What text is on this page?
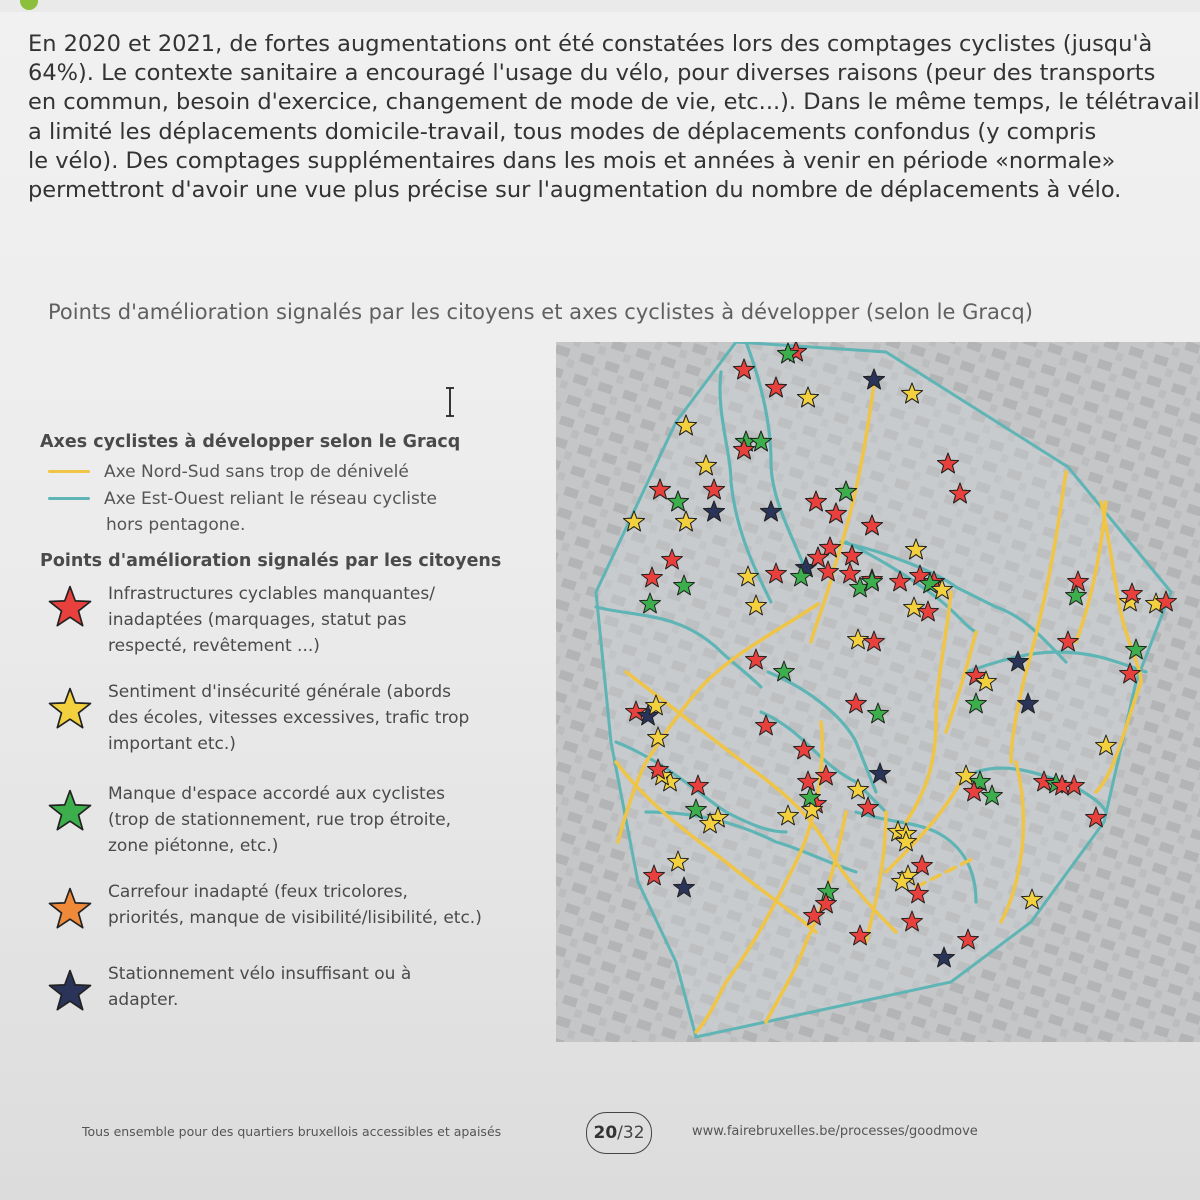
En 2020 et 2021, de fortes augmentations ont été constatées lors des comptages cyclistes (jusqu'à
64%). Le contexte sanitaire a encouragé l'usage du vélo, pour diverses raisons (peur des transports
en commun, besoin d'exercice, changement de mode de vie, etc...). Dans le même temps, le télétravail
a limité les déplacements domicile-travail, tous modes de déplacements confondus (y compris
le vélo). Des comptages supplémentaires dans les mois et années à venir en période «normale»
permettront d'avoir une vue plus précise sur l'augmentation du nombre de déplacements à vélo.
Points d'amélioration signalés par les citoyens et axes cyclistes à développer (selon le Gracq)
Axes cyclistes à développer selon le Gracq
Axe Nord-Sud sans trop de dénivelé
Axe Est-Ouest reliant le réseau cycliste
hors pentagone.
Points d'amélioration signalés par les citoyens
Infrastructures cyclables manquantes/
inadaptées (marquages, statut pas
respecté, revêtement ...)
Sentiment d'insécurité générale (abords
des écoles, vitesses excessives, trafic trop
important etc.)
Manque d'espace accordé aux cyclistes
(trop de stationnement, rue trop étroite,
zone piétonne, etc.)
Carrefour inadapté (feux tricolores,
priorités, manque de visibilité/lisibilité, etc.)
Stationnement vélo insuffisant ou à
adapter.
Tous ensemble pour des quartiers bruxellois accessibles et apaisés	20 /32	www.fairebruxelles.be/processes/goodmove
